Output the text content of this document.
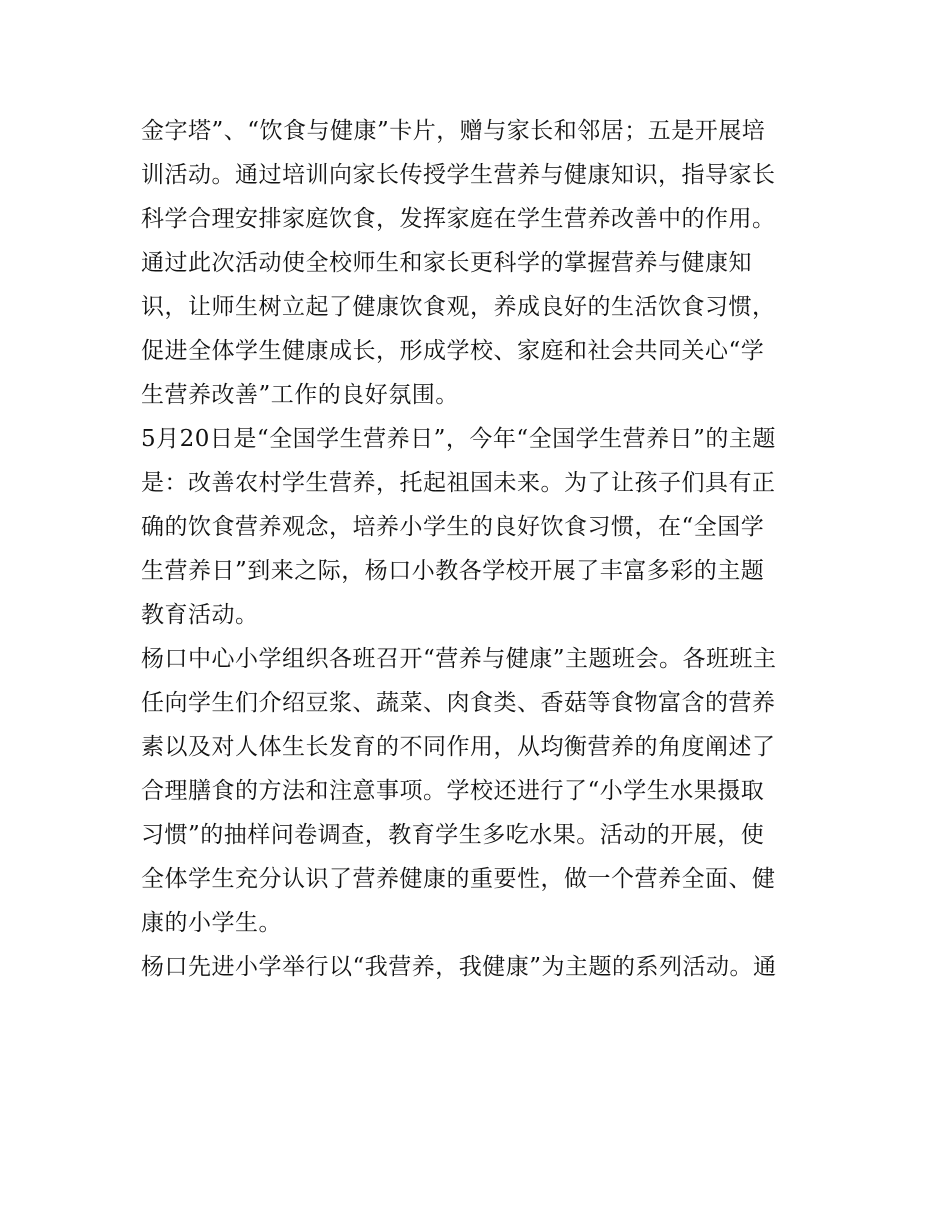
金字塔”、“饮食与健康”卡片，赠与家长和邻居；五是开展培
训活动。通过培训向家长传授学生营养与健康知识，指导家长
科学合理安排家庭饮食，发挥家庭在学生营养改善中的作用。
通过此次活动使全校师生和家长更科学的掌握营养与健康知
识，让师生树立起了健康饮食观，养成良好的生活饮食习惯，
促进全体学生健康成长，形成学校、家庭和社会共同关心“学
生营养改善”工作的良好氛围。
5月20日是“全国学生营养日”，今年“全国学生营养日”的主题
是：改善农村学生营养，托起祖国未来。为了让孩子们具有正
确的饮食营养观念，培养小学生的良好饮食习惯，在“全国学
生营养日”到来之际，杨口小教各学校开展了丰富多彩的主题
教育活动。
杨口中心小学组织各班召开“营养与健康”主题班会。各班班主
任向学生们介绍豆浆、蔬菜、肉食类、香菇等食物富含的营养
素以及对人体生长发育的不同作用，从均衡营养的角度阐述了
合理膳食的方法和注意事项。学校还进行了“小学生水果摄取
习惯”的抽样问卷调查，教育学生多吃水果。活动的开展，使
全体学生充分认识了营养健康的重要性，做一个营养全面、健
康的小学生。
杨口先进小学举行以“我营养，我健康”为主题的系列活动。通
